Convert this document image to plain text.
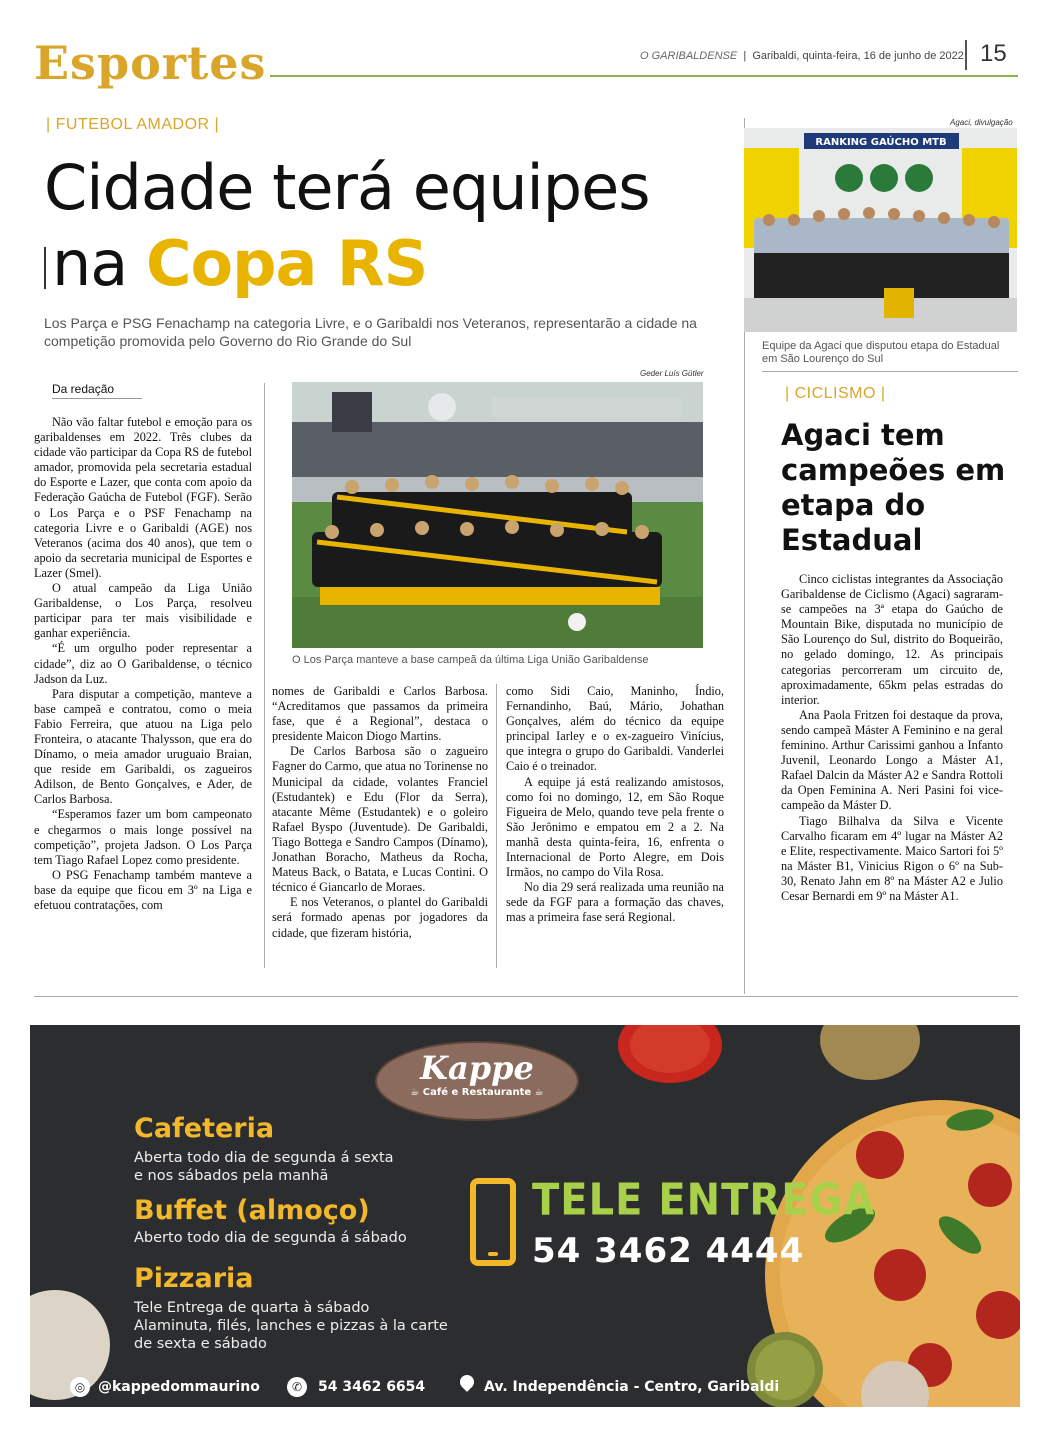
Esportes	O GARIBALDENSE  |  Garibaldi, quinta-feira, 16 de junho de 2022 15
| FUTEBOL AMADOR |
Cidade terá equipes
na Copa RS
Los Parça e PSG Fenachamp na categoria Livre, e o Garibaldi nos Veteranos, representarão a cidade na competição promovida pelo Governo do Rio Grande do Sul
Da redação

Não vão faltar futebol e emoção para os garibaldenses em 2022. Três clubes da cidade vão participar da Copa RS de futebol amador, promovida pela secretaria estadual do Esporte e Lazer, que conta com apoio da Federação Gaúcha de Futebol (FGF). Serão o Los Parça e o PSF Fenachamp na categoria Livre e o Garibaldi (AGE) nos Veteranos (acima dos 40 anos), que tem o apoio da secretaria municipal de Esportes e Lazer (Smel).

O atual campeão da Liga União Garibaldense, o Los Parça, resolveu participar para ter mais visibilidade e ganhar experiência.

“É um orgulho poder representar a cidade”, diz ao O Garibaldense, o técnico Jadson da Luz.

Para disputar a competição, manteve a base campeã e contratou, como o meia Fabio Ferreira, que atuou na Liga pelo Fronteira, o atacante Thalysson, que era do Dínamo, o meia amador uruguaio Braian, que reside em Garibaldi, os zagueiros Adilson, de Bento Gonçalves, e Ader, de Carlos Barbosa.

“Esperamos fazer um bom campeonato e chegarmos o mais longe possível na competição”, projeta Jadson. O Los Parça tem Tiago Rafael Lopez como presidente.

O PSG Fenachamp também manteve a base da equipe que ficou em 3º na Liga e efetuou contratações, com

Geder Luís Gütler
O Los Parça manteve a base campeã da última Liga União Garibaldense

nomes de Garibaldi e Carlos Barbosa. “Acreditamos que passamos da primeira fase, que é a Regional”, destaca o presidente Maicon Diogo Martins.

De Carlos Barbosa são o zagueiro Fagner do Carmo, que atua no Torinense no Municipal da cidade, volantes Franciel (Estudantek) e Edu (Flor da Serra), atacante Même (Estudantek) e o goleiro Rafael Byspo (Juventude). De Garibaldi, Tiago Bottega e Sandro Campos (Dínamo), Jonathan Boracho, Matheus da Rocha, Mateus Back, o Batata, e Lucas Contini. O técnico é Giancarlo de Moraes.

E nos Veteranos, o plantel do Garibaldi será formado apenas por jogadores da cidade, que fizeram história,

como Sidi Caio, Maninho, Índio, Fernandinho, Baú, Mário, Johathan Gonçalves, além do técnico da equipe principal Iarley e o ex-zagueiro Vinícius, que integra o grupo do Garibaldi. Vanderlei Caio é o treinador.

A equipe já está realizando amistosos, como foi no domingo, 12, em São Roque Figueira de Melo, quando teve pela frente o São Jerônimo e empatou em 2 a 2. Na manhã desta quinta-feira, 16, enfrenta o Internacional de Porto Alegre, em Dois Irmãos, no campo do Vila Rosa.

No dia 29 será realizada uma reunião na sede da FGF para a formação das chaves, mas a primeira fase será Regional.

Agaci, divulgação
RANKING GAÚCHO MTB
Equipe da Agaci que disputou etapa do Estadual em São Lourenço do Sul
| CICLISMO |
Agaci tem campeões em etapa do Estadual

Cinco ciclistas integrantes da Associação Garibaldense de Ciclismo (Agaci) sagraram-se campeões na 3ª etapa do Gaúcho de Mountain Bike, disputada no município de São Lourenço do Sul, distrito do Boqueirão, no gelado domingo, 12. As principais categorias percorreram um circuito de, aproximadamente, 65km pelas estradas do interior.

Ana Paola Fritzen foi destaque da prova, sendo campeã Máster A Feminino e na geral feminino. Arthur Carissimi ganhou a Infanto Juvenil, Leonardo Longo a Máster A1, Rafael Dalcin da Máster A2 e Sandra Rottoli da Open Feminina A. Neri Pasini foi vice-campeão da Máster D.

Tiago Bilhalva da Silva e Vicente Carvalho ficaram em 4º lugar na Máster A2 e Elite, respectivamente. Maico Sartori foi 5º na Máster B1, Vinicius Rigon o 6º na Sub-30, Renato Jahn em 8º na Máster A2 e Julio Cesar Bernardi em 9º na Máster A1.

Kappe
☕ Café e Restaurante ☕
Cafeteria
Aberta todo dia de segunda á sexta
e nos sábados pela manhã
Buffet (almoço)
Aberto todo dia de segunda á sábado
Pizzaria
Tele Entrega de quarta à sábado
Alaminuta, filés, lanches e pizzas à la carte
de sexta e sábado
TELE ENTREGA
54 3462 4444
◎ @kappedommaurino	✆	54 3462 6654	Av. Independência - Centro, Garibaldi
